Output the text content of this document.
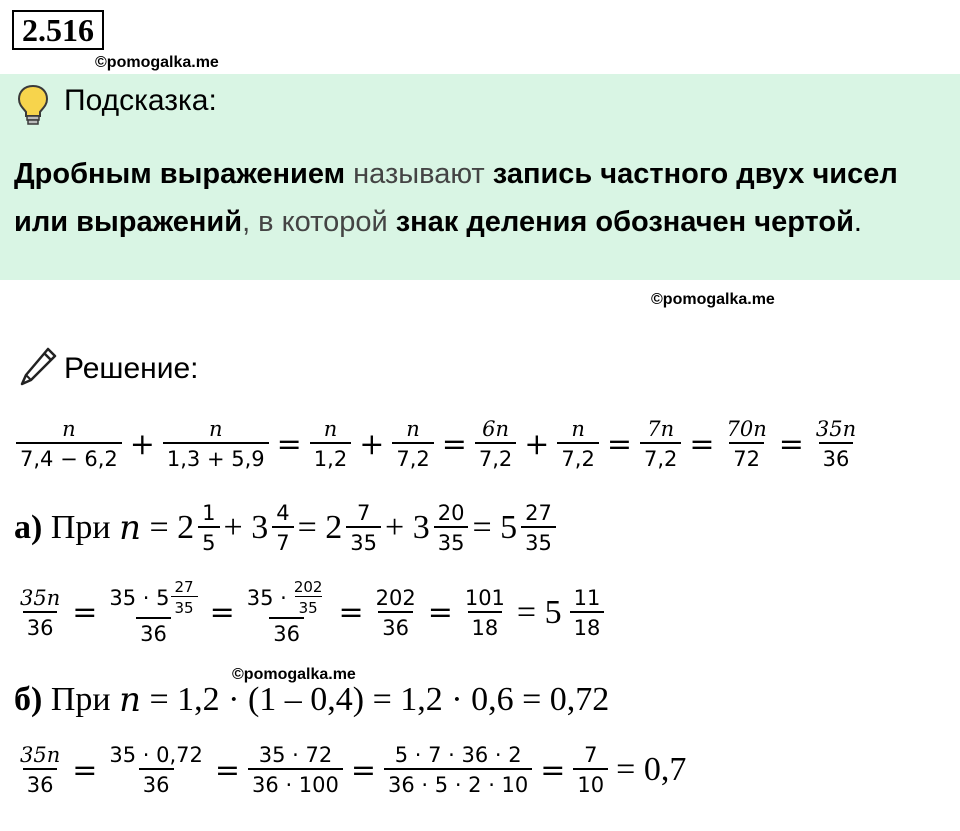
2.516
©pomogalka.me
Подсказка:
Дробным выражением называют запись частного двух чисел или выражений, в которой знак деления обозначен чертой.
©pomogalka.me
Решение:
$\frac{n}{7,4 - 6,2} + \frac{n}{1,3 + 5,9} = \frac{n}{1,2} + \frac{n}{7,2} = \frac{6n}{7,2} + \frac{n}{7,2} = \frac{7n}{7,2} = \frac{70n}{72} = \frac{35n}{36}$
а)
При
n
= $2 \frac{1}{5} + 3 \frac{4}{7} = 2 \frac{7}{35} + 3 \frac{20}{35} = 5 \frac{27}{35}$
$\frac{35n}{36} = \frac{35 \cdot 5 \frac{27}{35}}{36} = \frac{35 \cdot \frac{202}{35}}{36} = \frac{202}{36} = \frac{101}{18} = 5 \frac{11}{18}$
©pomogalka.me
б)
При
n
= 1,2 · (1 – 0,4) = 1,2 · 0,6 = 0,72
$\frac{35n}{36} = \frac{35 \cdot 0,72}{36} = \frac{35 \cdot 72}{36 \cdot 100} = \frac{5 \cdot 7 \cdot 36 \cdot 2}{36 \cdot 5 \cdot 2 \cdot 10} = \frac{7}{10} = 0,7$
